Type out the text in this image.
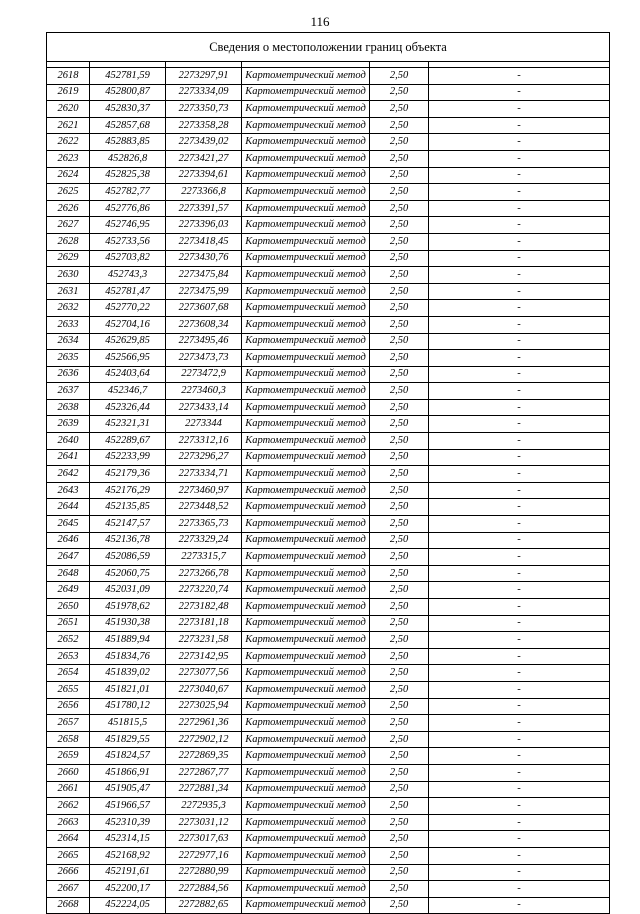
116
Сведения о местоположении границ объекта					

2618	452781,59	2273297,91	Картометрический метод	2,50	-
2619	452800,87	2273334,09	Картометрический метод	2,50	-
2620	452830,37	2273350,73	Картометрический метод	2,50	-
2621	452857,68	2273358,28	Картометрический метод	2,50	-
2622	452883,85	2273439,02	Картометрический метод	2,50	-
2623	452826,8	2273421,27	Картометрический метод	2,50	-
2624	452825,38	2273394,61	Картометрический метод	2,50	-
2625	452782,77	2273366,8	Картометрический метод	2,50	-
2626	452776,86	2273391,57	Картометрический метод	2,50	-
2627	452746,95	2273396,03	Картометрический метод	2,50	-
2628	452733,56	2273418,45	Картометрический метод	2,50	-
2629	452703,82	2273430,76	Картометрический метод	2,50	-
2630	452743,3	2273475,84	Картометрический метод	2,50	-
2631	452781,47	2273475,99	Картометрический метод	2,50	-
2632	452770,22	2273607,68	Картометрический метод	2,50	-
2633	452704,16	2273608,34	Картометрический метод	2,50	-
2634	452629,85	2273495,46	Картометрический метод	2,50	-
2635	452566,95	2273473,73	Картометрический метод	2,50	-
2636	452403,64	2273472,9	Картометрический метод	2,50	-
2637	452346,7	2273460,3	Картометрический метод	2,50	-
2638	452326,44	2273433,14	Картометрический метод	2,50	-
2639	452321,31	2273344	Картометрический метод	2,50	-
2640	452289,67	2273312,16	Картометрический метод	2,50	-
2641	452233,99	2273296,27	Картометрический метод	2,50	-
2642	452179,36	2273334,71	Картометрический метод	2,50	-
2643	452176,29	2273460,97	Картометрический метод	2,50	-
2644	452135,85	2273448,52	Картометрический метод	2,50	-
2645	452147,57	2273365,73	Картометрический метод	2,50	-
2646	452136,78	2273329,24	Картометрический метод	2,50	-
2647	452086,59	2273315,7	Картометрический метод	2,50	-
2648	452060,75	2273266,78	Картометрический метод	2,50	-
2649	452031,09	2273220,74	Картометрический метод	2,50	-
2650	451978,62	2273182,48	Картометрический метод	2,50	-
2651	451930,38	2273181,18	Картометрический метод	2,50	-
2652	451889,94	2273231,58	Картометрический метод	2,50	-
2653	451834,76	2273142,95	Картометрический метод	2,50	-
2654	451839,02	2273077,56	Картометрический метод	2,50	-
2655	451821,01	2273040,67	Картометрический метод	2,50	-
2656	451780,12	2273025,94	Картометрический метод	2,50	-
2657	451815,5	2272961,36	Картометрический метод	2,50	-
2658	451829,55	2272902,12	Картометрический метод	2,50	-
2659	451824,57	2272869,35	Картометрический метод	2,50	-
2660	451866,91	2272867,77	Картометрический метод	2,50	-
2661	451905,47	2272881,34	Картометрический метод	2,50	-
2662	451966,57	2272935,3	Картометрический метод	2,50	-
2663	452310,39	2273031,12	Картометрический метод	2,50	-
2664	452314,15	2273017,63	Картометрический метод	2,50	-
2665	452168,92	2272977,16	Картометрический метод	2,50	-
2666	452191,61	2272880,99	Картометрический метод	2,50	-
2667	452200,17	2272884,56	Картометрический метод	2,50	-
2668	452224,05	2272882,65	Картометрический метод	2,50	-
